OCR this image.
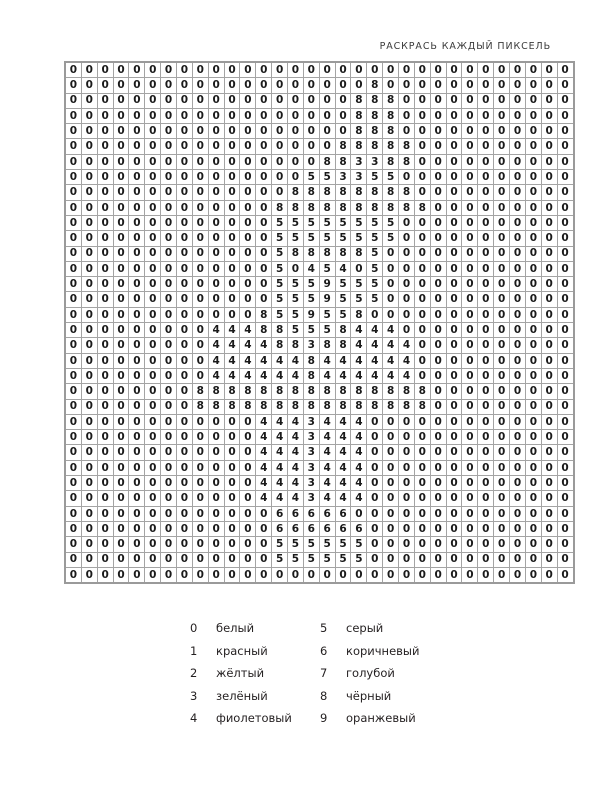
РАСКРАСЬ КАЖДЫЙ ПИКСЕЛЬ
0	0	0	0	0	0	0	0	0	0	0	0	0	0	0	0	0	0	0	0	0	0	0	0	0	0	0	0	0	0	0	0
0	0	0	0	0	0	0	0	0	0	0	0	0	0	0	0	0	0	0	8	0	0	0	0	0	0	0	0	0	0	0	0
0	0	0	0	0	0	0	0	0	0	0	0	0	0	0	0	0	0	8	8	8	0	0	0	0	0	0	0	0	0	0	0
0	0	0	0	0	0	0	0	0	0	0	0	0	0	0	0	0	0	8	8	8	0	0	0	0	0	0	0	0	0	0	0
0	0	0	0	0	0	0	0	0	0	0	0	0	0	0	0	0	0	8	8	8	0	0	0	0	0	0	0	0	0	0	0
0	0	0	0	0	0	0	0	0	0	0	0	0	0	0	0	0	8	8	8	8	8	0	0	0	0	0	0	0	0	0	0
0	0	0	0	0	0	0	0	0	0	0	0	0	0	0	0	8	8	3	3	8	8	0	0	0	0	0	0	0	0	0	0
0	0	0	0	0	0	0	0	0	0	0	0	0	0	0	5	5	3	3	5	5	0	0	0	0	0	0	0	0	0	0	0
0	0	0	0	0	0	0	0	0	0	0	0	0	0	8	8	8	8	8	8	8	8	0	0	0	0	0	0	0	0	0	0
0	0	0	0	0	0	0	0	0	0	0	0	0	8	8	8	8	8	8	8	8	8	8	0	0	0	0	0	0	0	0	0
0	0	0	0	0	0	0	0	0	0	0	0	0	5	5	5	5	5	5	5	5	0	0	0	0	0	0	0	0	0	0	0
0	0	0	0	0	0	0	0	0	0	0	0	0	5	5	5	5	5	5	5	5	0	0	0	0	0	0	0	0	0	0	0
0	0	0	0	0	0	0	0	0	0	0	0	0	5	8	8	8	8	8	5	0	0	0	0	0	0	0	0	0	0	0	0
0	0	0	0	0	0	0	0	0	0	0	0	0	5	0	4	5	4	0	5	0	0	0	0	0	0	0	0	0	0	0	0
0	0	0	0	0	0	0	0	0	0	0	0	0	5	5	5	9	5	5	5	0	0	0	0	0	0	0	0	0	0	0	0
0	0	0	0	0	0	0	0	0	0	0	0	0	5	5	5	9	5	5	5	0	0	0	0	0	0	0	0	0	0	0	0
0	0	0	0	0	0	0	0	0	0	0	0	8	5	5	9	5	5	8	0	0	0	0	0	0	0	0	0	0	0	0	0
0	0	0	0	0	0	0	0	0	4	4	4	8	8	5	5	5	8	4	4	4	0	0	0	0	0	0	0	0	0	0	0
0	0	0	0	0	0	0	0	0	4	4	4	4	8	8	3	8	8	4	4	4	4	0	0	0	0	0	0	0	0	0	0
0	0	0	0	0	0	0	0	0	4	4	4	4	4	4	8	4	4	4	4	4	4	0	0	0	0	0	0	0	0	0	0
0	0	0	0	0	0	0	0	0	4	4	4	4	4	4	8	4	4	4	4	4	4	0	0	0	0	0	0	0	0	0	0
0	0	0	0	0	0	0	0	8	8	8	8	8	8	8	8	8	8	8	8	8	8	8	0	0	0	0	0	0	0	0	0
0	0	0	0	0	0	0	0	8	8	8	8	8	8	8	8	8	8	8	8	8	8	8	0	0	0	0	0	0	0	0	0
0	0	0	0	0	0	0	0	0	0	0	0	4	4	4	3	4	4	4	0	0	0	0	0	0	0	0	0	0	0	0	0
0	0	0	0	0	0	0	0	0	0	0	0	4	4	4	3	4	4	4	0	0	0	0	0	0	0	0	0	0	0	0	0
0	0	0	0	0	0	0	0	0	0	0	0	4	4	4	3	4	4	4	0	0	0	0	0	0	0	0	0	0	0	0	0
0	0	0	0	0	0	0	0	0	0	0	0	4	4	4	3	4	4	4	0	0	0	0	0	0	0	0	0	0	0	0	0
0	0	0	0	0	0	0	0	0	0	0	0	4	4	4	3	4	4	4	0	0	0	0	0	0	0	0	0	0	0	0	0
0	0	0	0	0	0	0	0	0	0	0	0	4	4	4	3	4	4	4	0	0	0	0	0	0	0	0	0	0	0	0	0
0	0	0	0	0	0	0	0	0	0	0	0	0	6	6	6	6	6	0	0	0	0	0	0	0	0	0	0	0	0	0	0
0	0	0	0	0	0	0	0	0	0	0	0	0	6	6	6	6	6	6	0	0	0	0	0	0	0	0	0	0	0	0	0
0	0	0	0	0	0	0	0	0	0	0	0	0	5	5	5	5	5	5	0	0	0	0	0	0	0	0	0	0	0	0	0
0	0	0	0	0	0	0	0	0	0	0	0	0	5	5	5	5	5	5	0	0	0	0	0	0	0	0	0	0	0	0	0
0	0	0	0	0	0	0	0	0	0	0	0	0	0	0	0	0	0	0	0	0	0	0	0	0	0	0	0	0	0	0	0
0	белый
1	красный
2	жёлтый
3	зелёный
4	фиолетовый
5	серый
6	коричневый
7	голубой
8	чёрный
9	оранжевый
